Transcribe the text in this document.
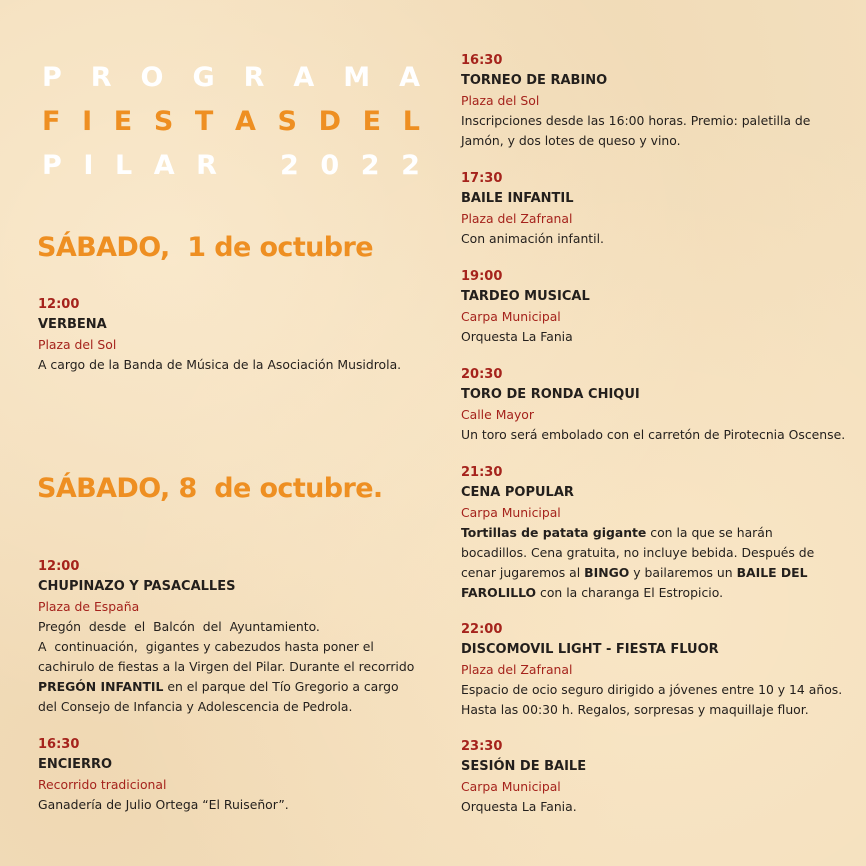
P R O G R A M A
F I E S T A S D E L
P I L A R 2 0 2 2
SÁBADO,  1 de octubre
12:00
VERBENA
Plaza del Sol
A cargo de la Banda de Música de la Asociación Musidrola.
SÁBADO, 8  de octubre.
12:00
CHUPINAZO Y PASACALLES
Plaza de España
Pregón  desde  el  Balcón  del  Ayuntamiento.
A  continuación,  gigantes y cabezudos hasta poner el
cachirulo de fiestas a la Virgen del Pilar. Durante el recorrido
PREGÓN INFANTIL en el parque del Tío Gregorio a cargo
del Consejo de Infancia y Adolescencia de Pedrola.
16:30
ENCIERRO
Recorrido tradicional
Ganadería de Julio Ortega “El Ruiseñor”.
16:30
TORNEO DE RABINO
Plaza del Sol
Inscripciones desde las 16:00 horas. Premio: paletilla de
Jamón, y dos lotes de queso y vino.
17:30
BAILE INFANTIL
Plaza del Zafranal
Con animación infantil.
19:00
TARDEO MUSICAL
Carpa Municipal
Orquesta La Fania
20:30
TORO DE RONDA CHIQUI
Calle Mayor
Un toro será embolado con el carretón de Pirotecnia Oscense.
21:30
CENA POPULAR
Carpa Municipal
Tortillas de patata gigante con la que se harán
bocadillos. Cena gratuita, no incluye bebida. Después de
cenar jugaremos al BINGO y bailaremos un BAILE DEL
FAROLILLO con la charanga El Estropicio.
22:00
DISCOMOVIL LIGHT - FIESTA FLUOR
Plaza del Zafranal
Espacio de ocio seguro dirigido a jóvenes entre 10 y 14 años.
Hasta las 00:30 h. Regalos, sorpresas y maquillaje fluor.
23:30
SESIÓN DE BAILE
Carpa Municipal
Orquesta La Fania.
